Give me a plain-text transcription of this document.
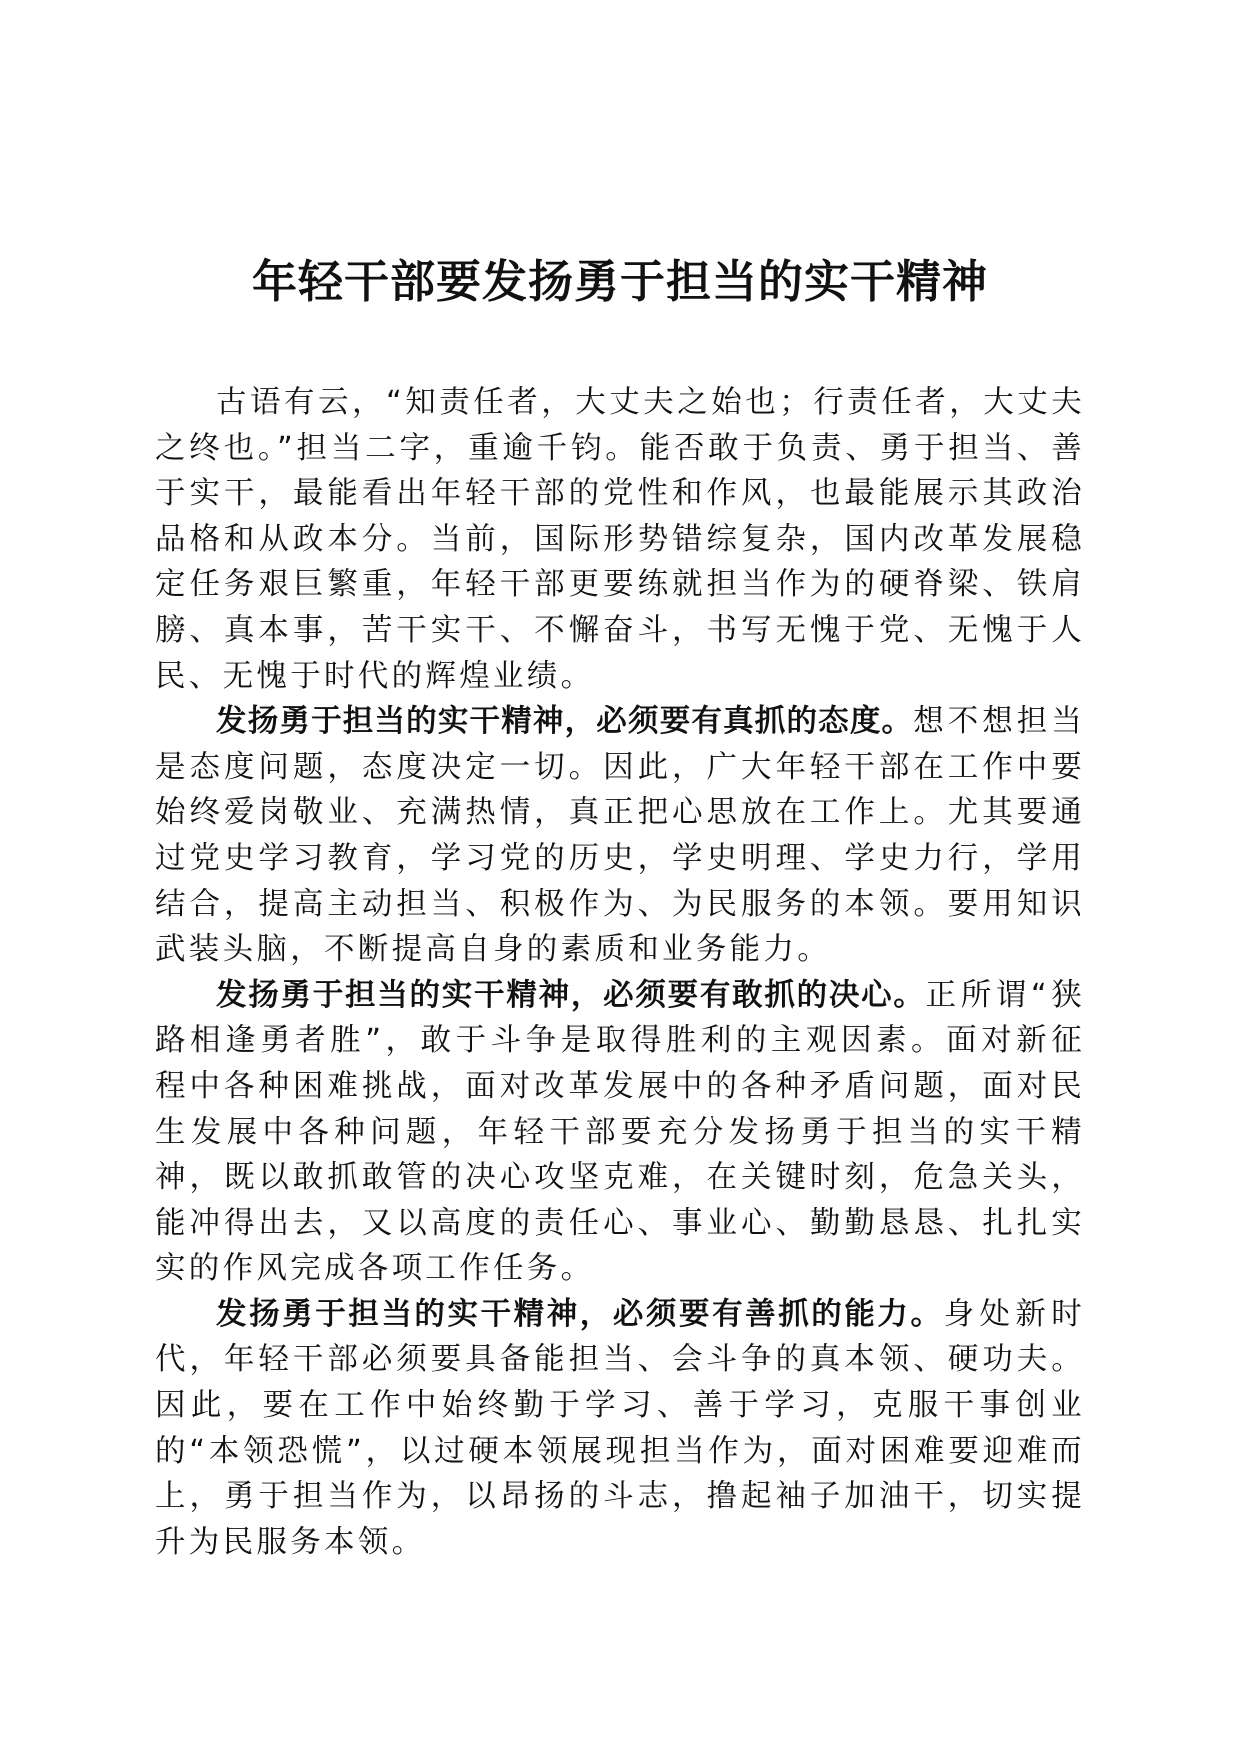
年轻干部要发扬勇于担当的实干精神

古语有云，“知责任者，大丈夫之始也；行责任者，大丈夫之终也。”担当二字，重逾千钧。能否敢于负责、勇于担当、善于实干，最能看出年轻干部的党性和作风，也最能展示其政治品格和从政本分。当前，国际形势错综复杂，国内改革发展稳定任务艰巨繁重，年轻干部更要练就担当作为的硬脊梁、铁肩膀、真本事，苦干实干、不懈奋斗，书写无愧于党、无愧于人民、无愧于时代的辉煌业绩。

发扬勇于担当的实干精神，必须要有真抓的态度。想不想担当是态度问题，态度决定一切。因此，广大年轻干部在工作中要始终爱岗敬业、充满热情，真正把心思放在工作上。尤其要通过党史学习教育，学习党的历史，学史明理、学史力行，学用结合，提高主动担当、积极作为、为民服务的本领。要用知识武装头脑，不断提高自身的素质和业务能力。

发扬勇于担当的实干精神，必须要有敢抓的决心。正所谓“狭路相逢勇者胜”，敢于斗争是取得胜利的主观因素。面对新征程中各种困难挑战，面对改革发展中的各种矛盾问题，面对民生发展中各种问题，年轻干部要充分发扬勇于担当的实干精神，既以敢抓敢管的决心攻坚克难，在关键时刻，危急关头，能冲得出去，又以高度的责任心、事业心、勤勤恳恳、扎扎实实的作风完成各项工作任务。

发扬勇于担当的实干精神，必须要有善抓的能力。身处新时代，年轻干部必须要具备能担当、会斗争的真本领、硬功夫。因此，要在工作中始终勤于学习、善于学习，克服干事创业的“本领恐慌”，以过硬本领展现担当作为，面对困难要迎难而上，勇于担当作为，以昂扬的斗志，撸起袖子加油干，切实提升为民服务本领。
